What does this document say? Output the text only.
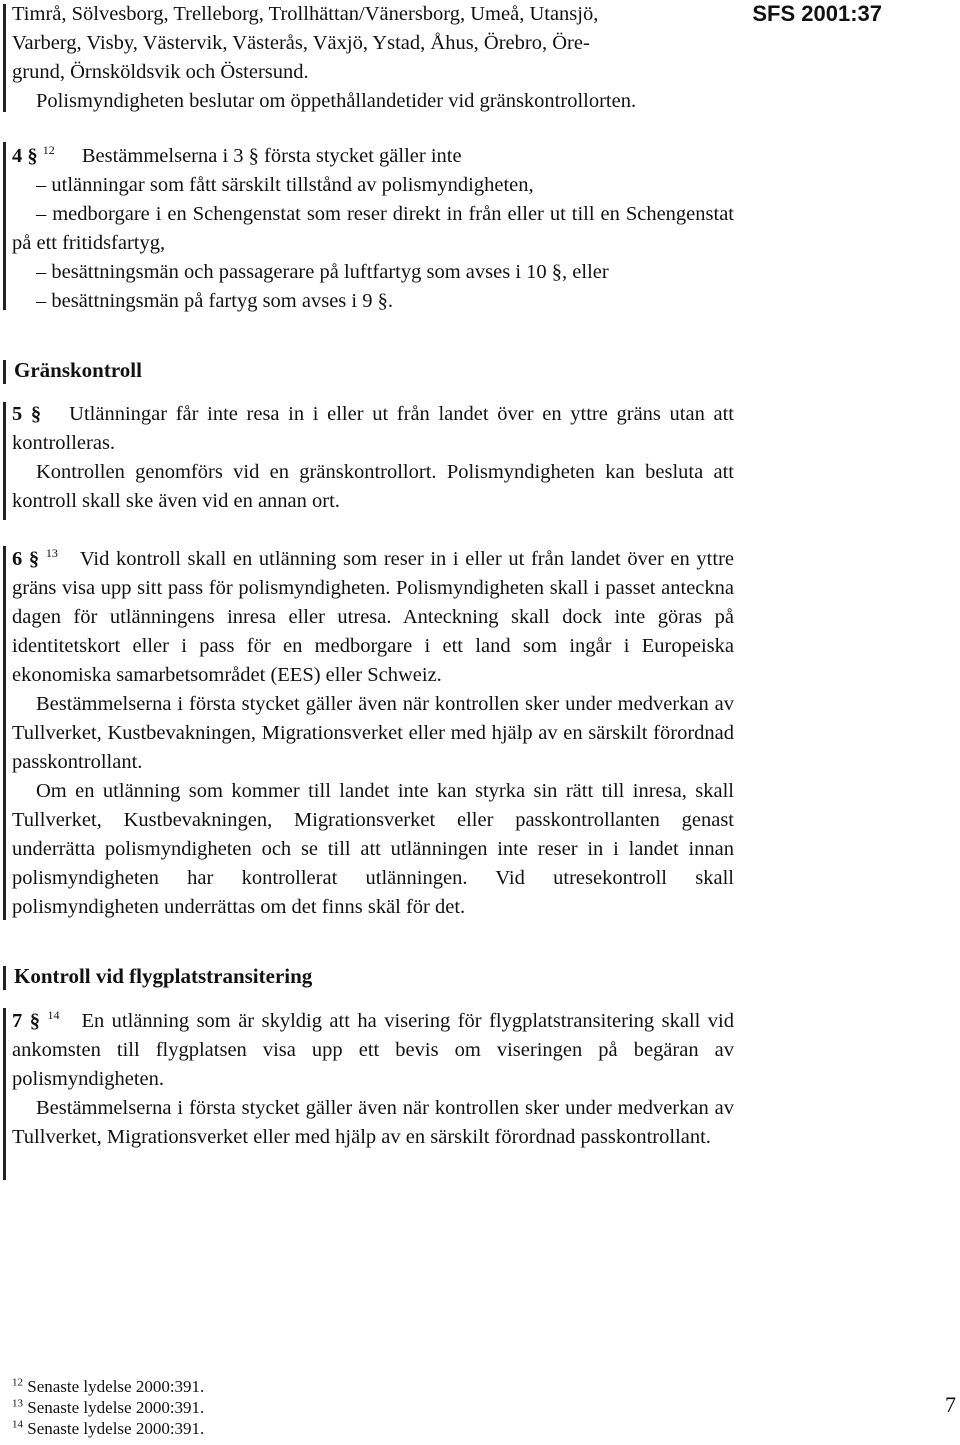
SFS 2001:37
Timrå, Sölvesborg, Trelleborg, Trollhättan/Vänersborg, Umeå, Utansjö,
Varberg, Visby, Västervik, Västerås, Växjö, Ystad, Åhus, Örebro, Öre-
grund, Örnsköldsvik och Östersund.
Polismyndigheten beslutar om öppethållandetider vid gränskontrollorten.
4 § $^{12}$ Bestämmelserna i 3 § första stycket gäller inte
– utlänningar som fått särskilt tillstånd av polismyndigheten,
– medborgare i en Schengenstat som reser direkt in från eller ut till en Schengenstat på ett fritidsfartyg,
– besättningsmän och passagerare på luftfartyg som avses i 10 §, eller
– besättningsmän på fartyg som avses i 9 §.
Gränskontroll
5 § Utlänningar får inte resa in i eller ut från landet över en yttre gräns utan att kontrolleras.
Kontrollen genomförs vid en gränskontrollort. Polismyndigheten kan besluta att kontroll skall ske även vid en annan ort.
6 § $^{13}$ Vid kontroll skall en utlänning som reser in i eller ut från landet över en yttre gräns visa upp sitt pass för polismyndigheten. Polismyndigheten skall i passet anteckna dagen för utlänningens inresa eller utresa. Anteckning skall dock inte göras på identitetskort eller i pass för en medborgare i ett land som ingår i Europeiska ekonomiska samarbetsområdet (EES) eller Schweiz.
Bestämmelserna i första stycket gäller även när kontrollen sker under medverkan av Tullverket, Kustbevakningen, Migrationsverket eller med hjälp av en särskilt förordnad passkontrollant.
Om en utlänning som kommer till landet inte kan styrka sin rätt till inresa, skall Tullverket, Kustbevakningen, Migrationsverket eller passkontrollanten genast underrätta polismyndigheten och se till att utlänningen inte reser in i landet innan polismyndigheten har kontrollerat utlänningen. Vid utresekontroll skall polismyndigheten underrättas om det finns skäl för det.
Kontroll vid flygplatstransitering
7 § $^{14}$ En utlänning som är skyldig att ha visering för flygplatstransitering skall vid ankomsten till flygplatsen visa upp ett bevis om viseringen på begäran av polismyndigheten.
Bestämmelserna i första stycket gäller även när kontrollen sker under medverkan av Tullverket, Migrationsverket eller med hjälp av en särskilt förordnad passkontrollant.
$^{12}$ Senaste lydelse 2000:391.
$^{13}$ Senaste lydelse 2000:391.
$^{14}$ Senaste lydelse 2000:391.
7
